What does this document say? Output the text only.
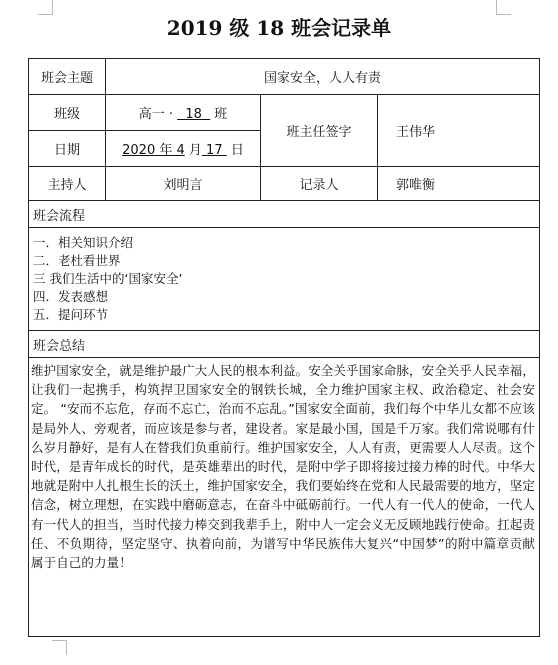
2019 级 18 班会记录单
班会主题	国家安全，人人有责		
班级	高一 ·   18   班	班主任签字	王伟华
日期	2020 年 4 月 17  日		
主持人	刘明言	记录人	郭唯衡
班会流程			

一．相关知识介绍
二．老杜看世界
三 我们生活中的‘国家安全’
四．发表感想
五．提问环节			

班会总结			

维护国家安全，就是维护最广大人民的根本利益。安全关乎国家命脉，安全关乎人民幸福，让我们一起携手，构筑捍卫国家安全的钢铁长城，全力维护国家主权、政治稳定、社会安定。 “安而不忘危，存而不忘亡，治而不忘乱。”国家安全面前，我们每个中华儿女都不应该是局外人、旁观者，而应该是参与者，建设者。家是最小国，国是千万家。我们常说哪有什么岁月静好，是有人在替我们负重前行。维护国家安全，人人有责，更需要人人尽责。这个时代，是青年成长的时代，是英雄辈出的时代，是附中学子即将接过接力棒的时代。中华大地就是附中人扎根生长的沃土，维护国家安全，我们要始终在党和人民最需要的地方，坚定信念，树立理想，在实践中磨砺意志，在奋斗中砥砺前行。一代人有一代人的使命，一代人有一代人的担当，当时代接力棒交到我辈手上，附中人一定会义无反顾地践行使命。扛起责任、不负期待，坚定坚守、执着向前，为谱写中华民族伟大复兴“中国梦”的附中篇章贡献属于自己的力量！			
